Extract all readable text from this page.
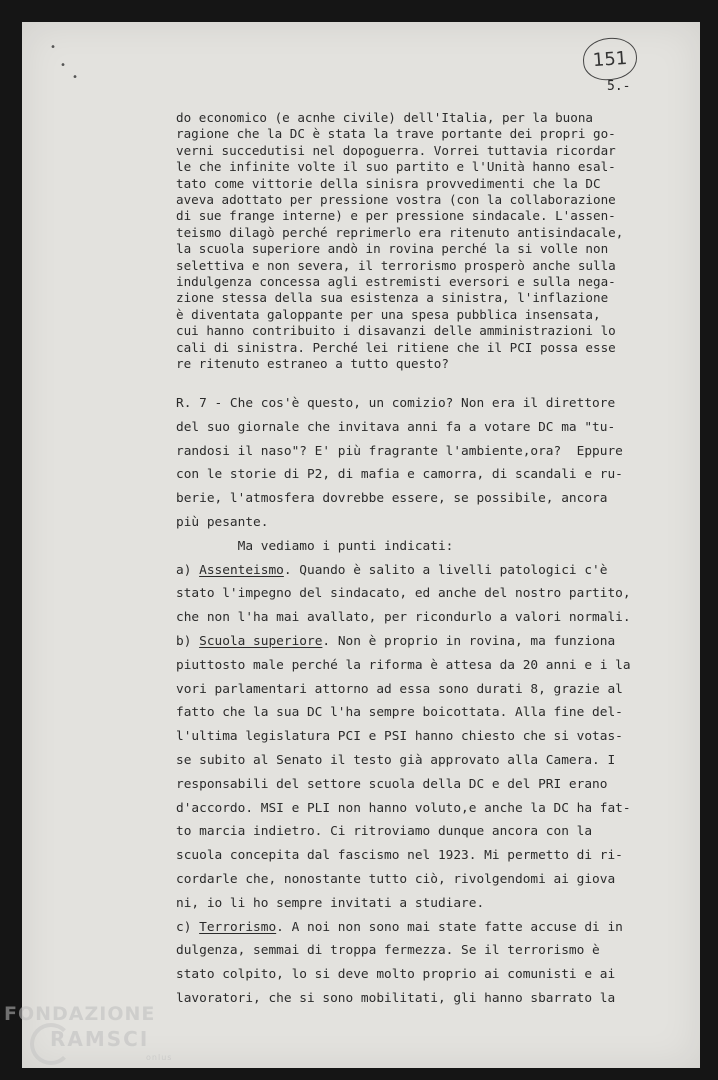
151
5.-
•
•
•
do economico (e acnhe civile) dell'Italia, per la buona
ragione che la DC è stata la trave portante dei propri go-
verni succedutisi nel dopoguerra. Vorrei tuttavia ricordar
le che infinite volte il suo partito e l'Unità hanno esal-
tato come vittorie della sinisra provvedimenti che la DC
aveva adottato per pressione vostra (con la collaborazione
di sue frange interne) e per pressione sindacale. L'assen-
teismo dilagò perché reprimerlo era ritenuto antisindacale,
la scuola superiore andò in rovina perché la si volle non
selettiva e non severa, il terrorismo prosperò anche sulla
indulgenza concessa agli estremisti eversori e sulla nega-
zione stessa della sua esistenza a sinistra, l'inflazione
è diventata galoppante per una spesa pubblica insensata,
cui hanno contribuito i disavanzi delle amministrazioni lo
cali di sinistra. Perché lei ritiene che il PCI possa esse
re ritenuto estraneo a tutto questo?
R. 7 - Che cos'è questo, un comizio? Non era il direttore
del suo giornale che invitava anni fa a votare DC ma "tu-
randosi il naso"? E' più fragrante l'ambiente,ora?  Eppure
con le storie di P2, di mafia e camorra, di scandali e ru-
berie, l'atmosfera dovrebbe essere, se possibile, ancora
più pesante.
Ma vediamo i punti indicati:
a) Assenteismo. Quando è salito a livelli patologici c'è
stato l'impegno del sindacato, ed anche del nostro partito,
che non l'ha mai avallato, per ricondurlo a valori normali.
b) Scuola superiore. Non è proprio in rovina, ma funziona
piuttosto male perché la riforma è attesa da 20 anni e i la
vori parlamentari attorno ad essa sono durati 8, grazie al
fatto che la sua DC l'ha sempre boicottata. Alla fine del-
l'ultima legislatura PCI e PSI hanno chiesto che si votas-
se subito al Senato il testo già approvato alla Camera. I
responsabili del settore scuola della DC e del PRI erano
d'accordo. MSI e PLI non hanno voluto,e anche la DC ha fat-
to marcia indietro. Ci ritroviamo dunque ancora con la
scuola concepita dal fascismo nel 1923. Mi permetto di ri-
cordarle che, nonostante tutto ciò, rivolgendomi ai giova
ni, io li ho sempre invitati a studiare.
c) Terrorismo. A noi non sono mai state fatte accuse di in
dulgenza, semmai di troppa fermezza. Se il terrorismo è
stato colpito, lo si deve molto proprio ai comunisti e ai
lavoratori, che si sono mobilitati, gli hanno sbarrato la
FONDAZIONE
RAMSCI
onlus
